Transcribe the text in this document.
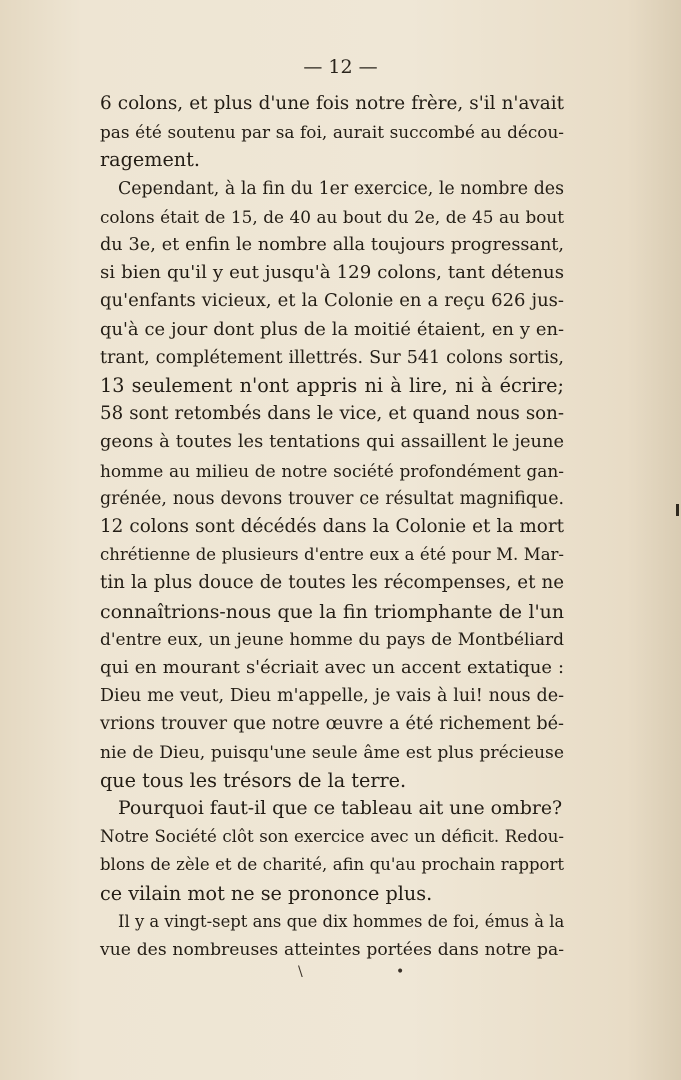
— 12 —

6 colons, et plus d'une fois notre frère, s'il n'avait
pas été soutenu par sa foi, aurait succombé au décou-
ragement.

Cependant, à la fin du 1er exercice, le nombre des
colons était de 15, de 40 au bout du 2e, de 45 au bout
du 3e, et enfin le nombre alla toujours progressant,
si bien qu'il y eut jusqu'à 129 colons, tant détenus
qu'enfants vicieux, et la Colonie en a reçu 626 jus-
qu'à ce jour dont plus de la moitié étaient, en y en-
trant, complétement illettrés. Sur 541 colons sortis,
13 seulement n'ont appris ni à lire, ni à écrire;
58 sont retombés dans le vice, et quand nous son-
geons à toutes les tentations qui assaillent le jeune
homme au milieu de notre société profondément gan-
grénée, nous devons trouver ce résultat magnifique.
12 colons sont décédés dans la Colonie et la mort
chrétienne de plusieurs d'entre eux a été pour M. Mar-
tin la plus douce de toutes les récompenses, et ne
connaîtrions-nous que la fin triomphante de l'un
d'entre eux, un jeune homme du pays de Montbéliard
qui en mourant s'écriait avec un accent extatique :
Dieu me veut, Dieu m'appelle, je vais à lui! nous de-
vrions trouver que notre œuvre a été richement bé-
nie de Dieu, puisqu'une seule âme est plus précieuse
que tous les trésors de la terre.

Pourquoi faut-il que ce tableau ait une ombre?
Notre Société clôt son exercice avec un déficit. Redou-
blons de zèle et de charité, afin qu'au prochain rapport
ce vilain mot ne se prononce plus.

Il y a vingt-sept ans que dix hommes de foi, émus à la
vue des nombreuses atteintes portées dans notre pa-

\	•
